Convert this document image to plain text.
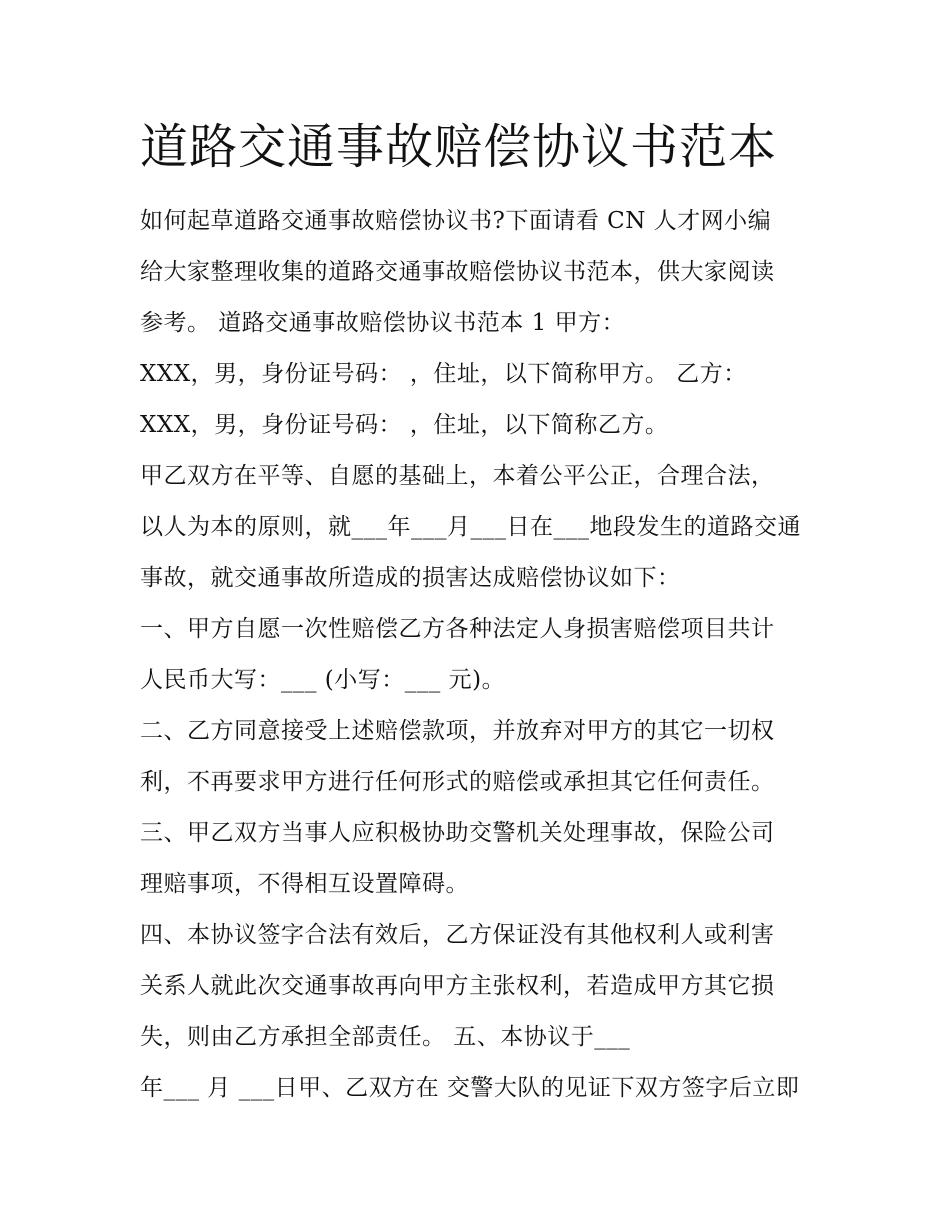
道路交通事故赔偿协议书范本
如何起草道路交通事故赔偿协议书?下面请看 CN 人才网小编
给大家整理收集的道路交通事故赔偿协议书范本，供大家阅读
参考。 道路交通事故赔偿协议书范本 1 甲方：
XXX，男，身份证号码： ，住址，以下简称甲方。 乙方：
XXX，男，身份证号码： ，住址，以下简称乙方。
甲乙双方在平等、自愿的基础上，本着公平公正，合理合法，
以人为本的原则，就___年___月___日在___地段发生的道路交通
事故，就交通事故所造成的损害达成赔偿协议如下：
一、甲方自愿一次性赔偿乙方各种法定人身损害赔偿项目共计
人民币大写：___ (小写：___ 元)。
二、乙方同意接受上述赔偿款项，并放弃对甲方的其它一切权
利，不再要求甲方进行任何形式的赔偿或承担其它任何责任。
三、甲乙双方当事人应积极协助交警机关处理事故，保险公司
理赔事项，不得相互设置障碍。
四、本协议签字合法有效后，乙方保证没有其他权利人或利害
关系人就此次交通事故再向甲方主张权利，若造成甲方其它损
失，则由乙方承担全部责任。 五、本协议于___
年___ 月 ___日甲、乙双方在 交警大队的见证下双方签字后立即
